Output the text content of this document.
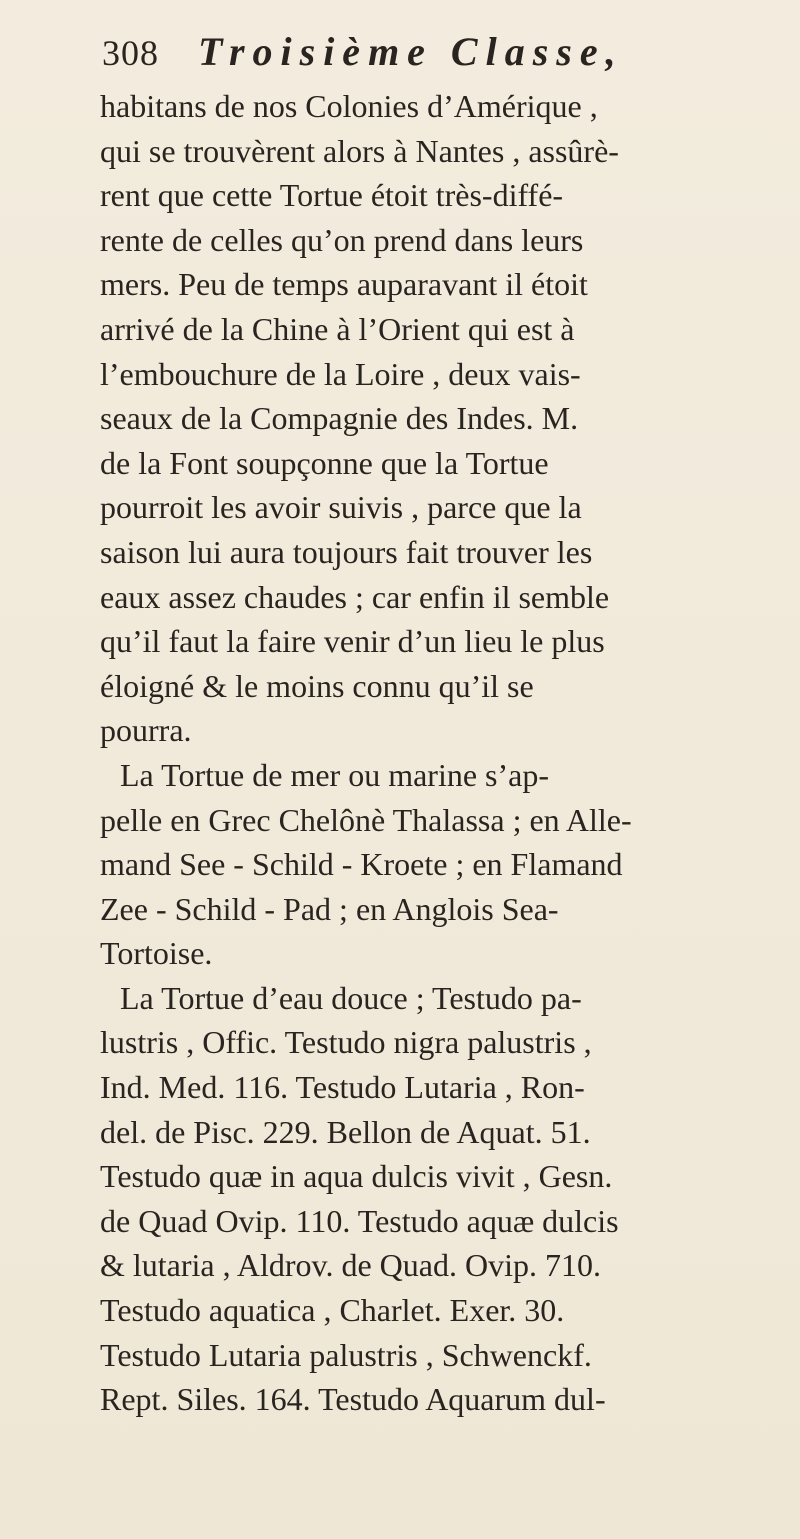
308 Troisième Classe,
habitans de nos Colonies d’Amérique ,
qui se trouvèrent alors à Nantes , assûrè-
rent que cette Tortue étoit très-diffé-
rente de celles qu’on prend dans leurs
mers. Peu de temps auparavant il étoit
arrivé de la Chine à l’Orient qui est à
l’embouchure de la Loire , deux vais-
seaux de la Compagnie des Indes. M.
de la Font soupçonne que la Tortue
pourroit les avoir suivis , parce que la
saison lui aura toujours fait trouver les
eaux assez chaudes ; car enfin il semble
qu’il faut la faire venir d’un lieu le plus
éloigné & le moins connu qu’il se
pourra.
La Tortue de mer ou marine s’ap-
pelle en Grec Chelônè Thalassa ; en Alle-
mand See - Schild - Kroete ; en Flamand
Zee - Schild - Pad ; en Anglois Sea-
Tortoise.
La Tortue d’eau douce ; Testudo pa-
lustris , Offic. Testudo nigra palustris ,
Ind. Med. 116. Testudo Lutaria , Ron-
del. de Pisc. 229. Bellon de Aquat. 51.
Testudo quæ in aqua dulcis vivit , Gesn.
de Quad Ovip. 110. Testudo aquæ dulcis
& lutaria , Aldrov. de Quad. Ovip. 710.
Testudo aquatica , Charlet. Exer. 30.
Testudo Lutaria palustris , Schwenckf.
Rept. Siles. 164. Testudo Aquarum dul-
